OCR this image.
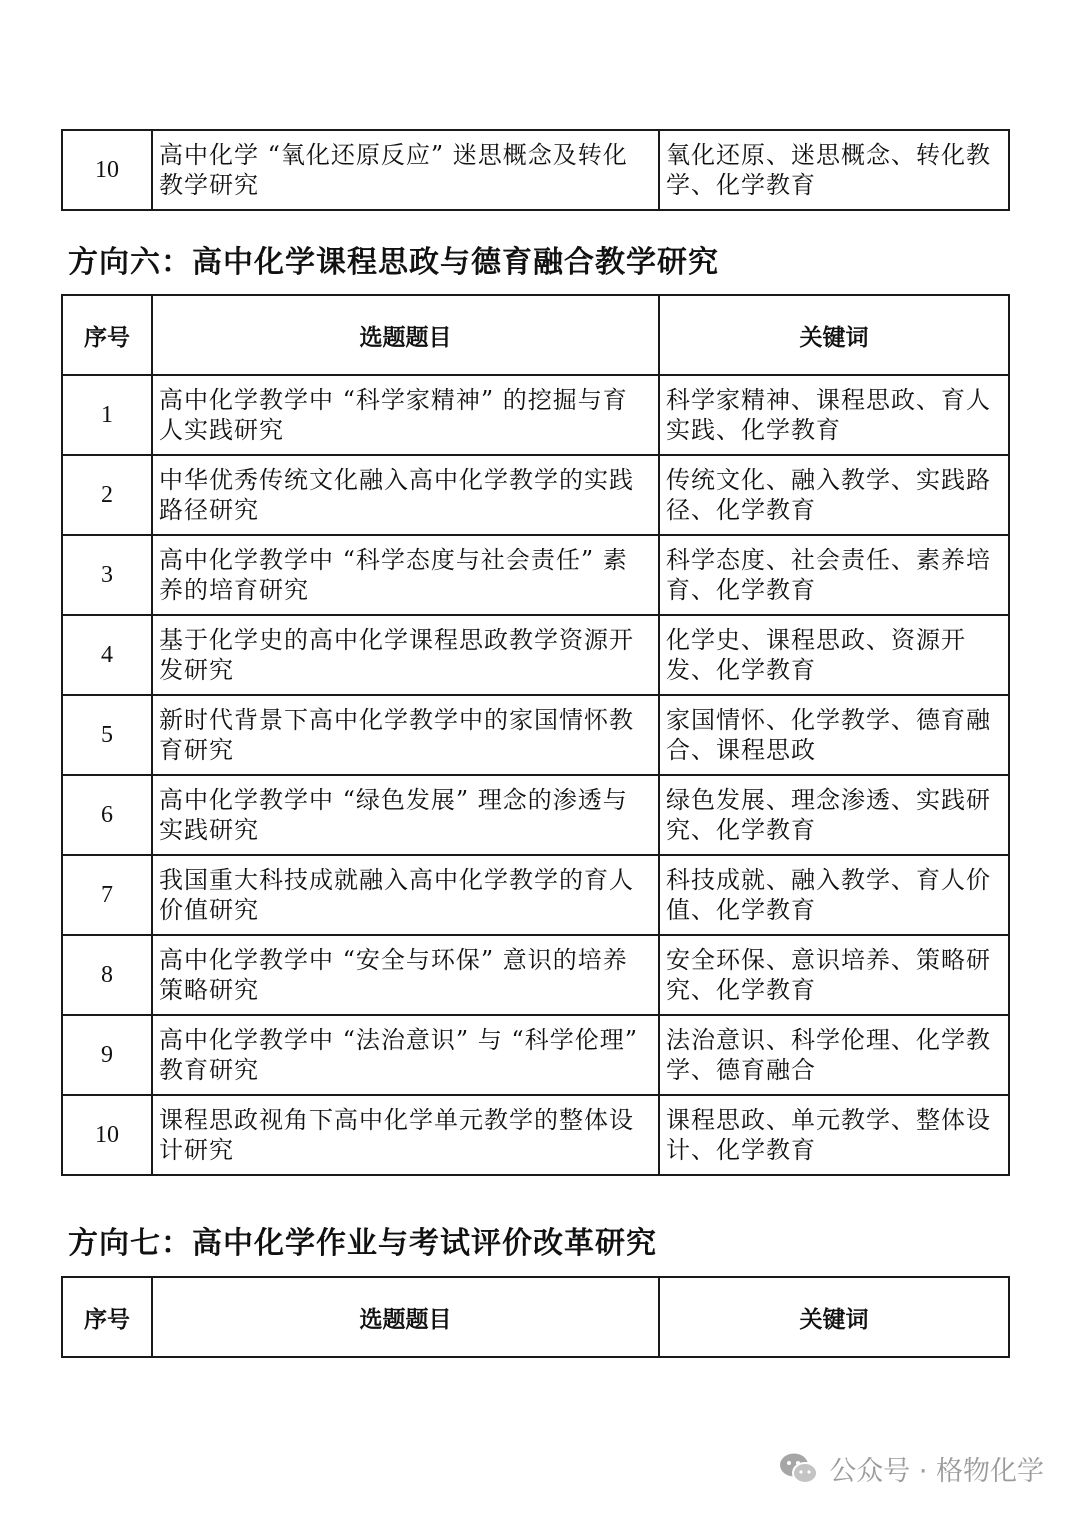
10	高中化学 “氧化还原反应” 迷思概念及转化教学研究	氧化还原、迷思概念、转化教学、化学教育
方向六：高中化学课程思政与德育融合教学研究
序号	选题题目	关键词
1	高中化学教学中 “科学家精神” 的挖掘与育人实践研究	科学家精神、课程思政、育人实践、化学教育
2	中华优秀传统文化融入高中化学教学的实践路径研究	传统文化、融入教学、实践路径、化学教育
3	高中化学教学中 “科学态度与社会责任” 素养的培育研究	科学态度、社会责任、素养培育、化学教育
4	基于化学史的高中化学课程思政教学资源开发研究	化学史、课程思政、资源开发、化学教育
5	新时代背景下高中化学教学中的家国情怀教育研究	家国情怀、化学教学、德育融合、课程思政
6	高中化学教学中 “绿色发展” 理念的渗透与实践研究	绿色发展、理念渗透、实践研究、化学教育
7	我国重大科技成就融入高中化学教学的育人价值研究	科技成就、融入教学、育人价值、化学教育
8	高中化学教学中 “安全与环保” 意识的培养策略研究	安全环保、意识培养、策略研究、化学教育
9	高中化学教学中 “法治意识” 与 “科学伦理” 教育研究	法治意识、科学伦理、化学教学、德育融合
10	课程思政视角下高中化学单元教学的整体设计研究	课程思政、单元教学、整体设计、化学教育
方向七：高中化学作业与考试评价改革研究
序号	选题题目	关键词
公众号 · 格物化学
